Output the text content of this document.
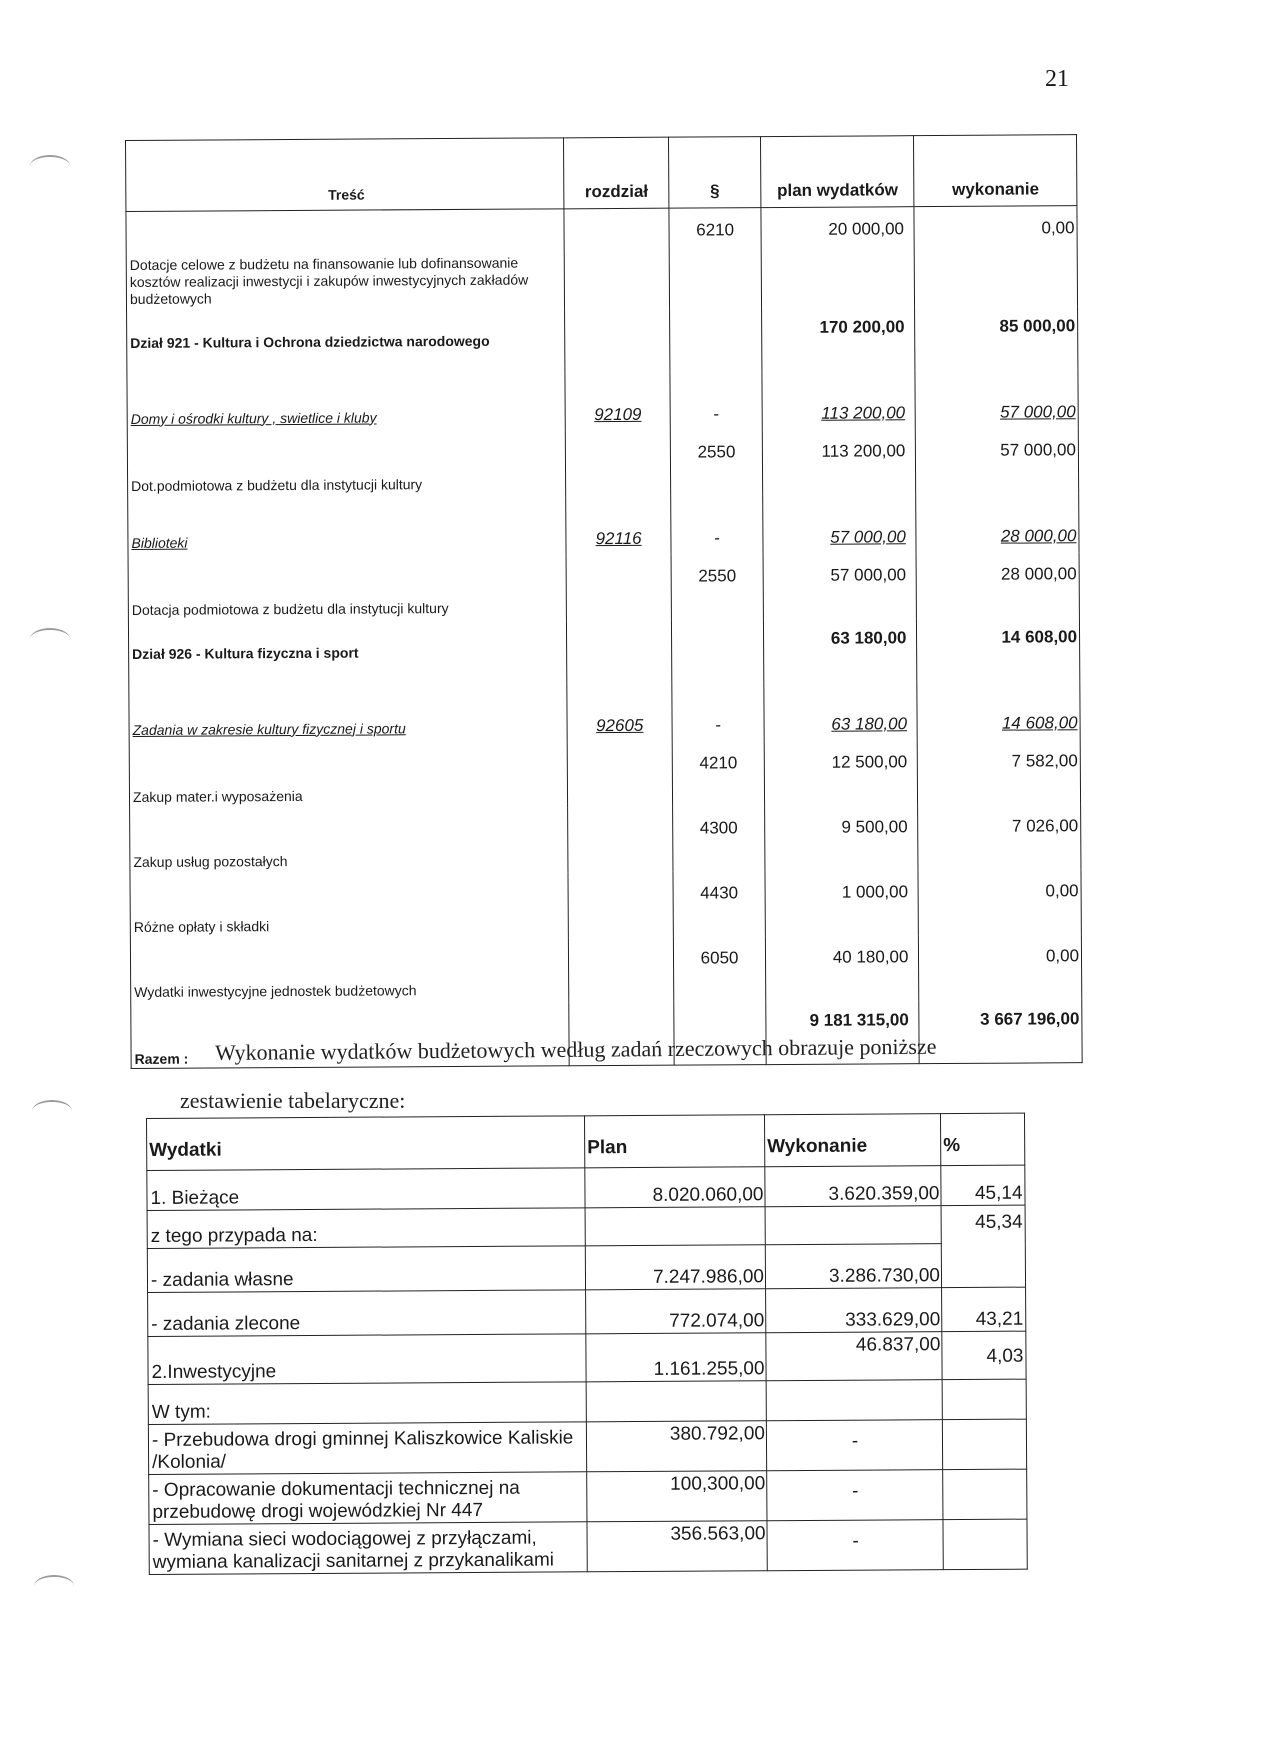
21
Treść	rozdział	§	plan wydatków	wykonanie
Dotacje celowe z budżetu na finansowanie lub dofinansowanie kosztów realizacji inwestycji i zakupów inwestycyjnych zakładów budżetowych		6210	20 000,00	0,00
Dział 921 - Kultura i Ochrona dziedzictwa narodowego			170 200,00	85 000,00
Domy i ośrodki kultury , swietlice i kluby	92109	-	113 200,00	57 000,00
Dot.podmiotowa z budżetu dla instytucji kultury		2550	113 200,00	57 000,00
Biblioteki	92116	-	57 000,00	28 000,00
Dotacja podmiotowa z budżetu dla instytucji kultury		2550	57 000,00	28 000,00
Dział 926 - Kultura fizyczna i sport			63 180,00	14 608,00
Zadania w zakresie kultury fizycznej i sportu	92605	-	63 180,00	14 608,00
Zakup mater.i wyposażenia		4210	12 500,00	7 582,00
Zakup usług pozostałych		4300	9 500,00	7 026,00
Różne opłaty i składki		4430	1 000,00	0,00
Wydatki inwestycyjne jednostek budżetowych		6050	40 180,00	0,00
Razem :			9 181 315,00	3 667 196,00
Wykonanie wydatków budżetowych według zadań rzeczowych obrazuje poniższe
zestawienie tabelaryczne:
Wydatki	Plan	Wykonanie	%
1. Bieżące	8.020.060,00	3.620.359,00	45,14
z tego przypada na:			45,34
- zadania własne	7.247.986,00	3.286.730,00	
- zadania zlecone	772.074,00	333.629,00	43,21
2.Inwestycyjne	1.161.255,00	46.837,00	4,03
W tym:			
- Przebudowa drogi gminnej Kaliszkowice Kaliskie /Kolonia/	380.792,00	-	
- Opracowanie dokumentacji technicznej na przebudowę drogi wojewódzkiej Nr 447	100,300,00	-	
- Wymiana sieci wodociągowej z przyłączami, wymiana kanalizacji sanitarnej z przykanalikami	356.563,00	-	
